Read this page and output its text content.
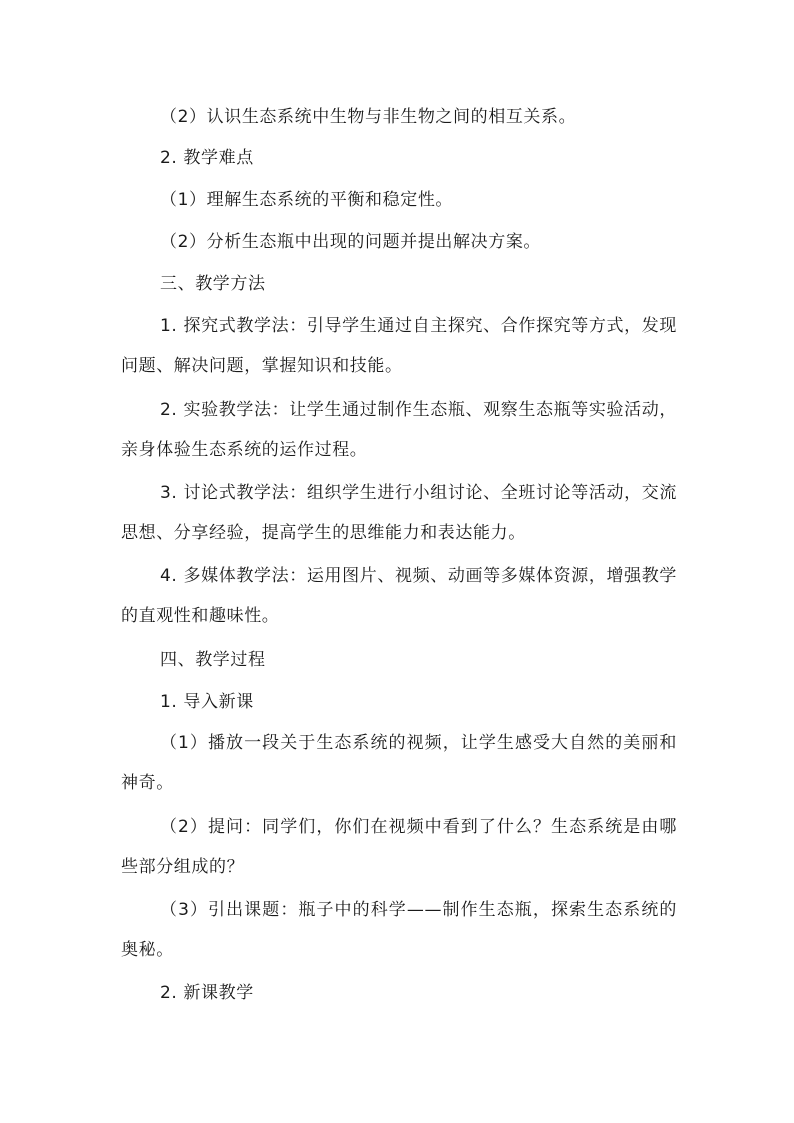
（2）认识生态系统中生物与非生物之间的相互关系。

2. 教学难点

（1）理解生态系统的平衡和稳定性。

（2）分析生态瓶中出现的问题并提出解决方案。

三、教学方法

1. 探究式教学法：引导学生通过自主探究、合作探究等方式，发现问题、解决问题，掌握知识和技能。

2. 实验教学法：让学生通过制作生态瓶、观察生态瓶等实验活动，亲身体验生态系统的运作过程。

3. 讨论式教学法：组织学生进行小组讨论、全班讨论等活动，交流思想、分享经验，提高学生的思维能力和表达能力。

4. 多媒体教学法：运用图片、视频、动画等多媒体资源，增强教学的直观性和趣味性。

四、教学过程

1. 导入新课

（1）播放一段关于生态系统的视频，让学生感受大自然的美丽和神奇。

（2）提问：同学们，你们在视频中看到了什么？生态系统是由哪些部分组成的？

（3）引出课题：瓶子中的科学——制作生态瓶，探索生态系统的奥秘。

2. 新课教学
